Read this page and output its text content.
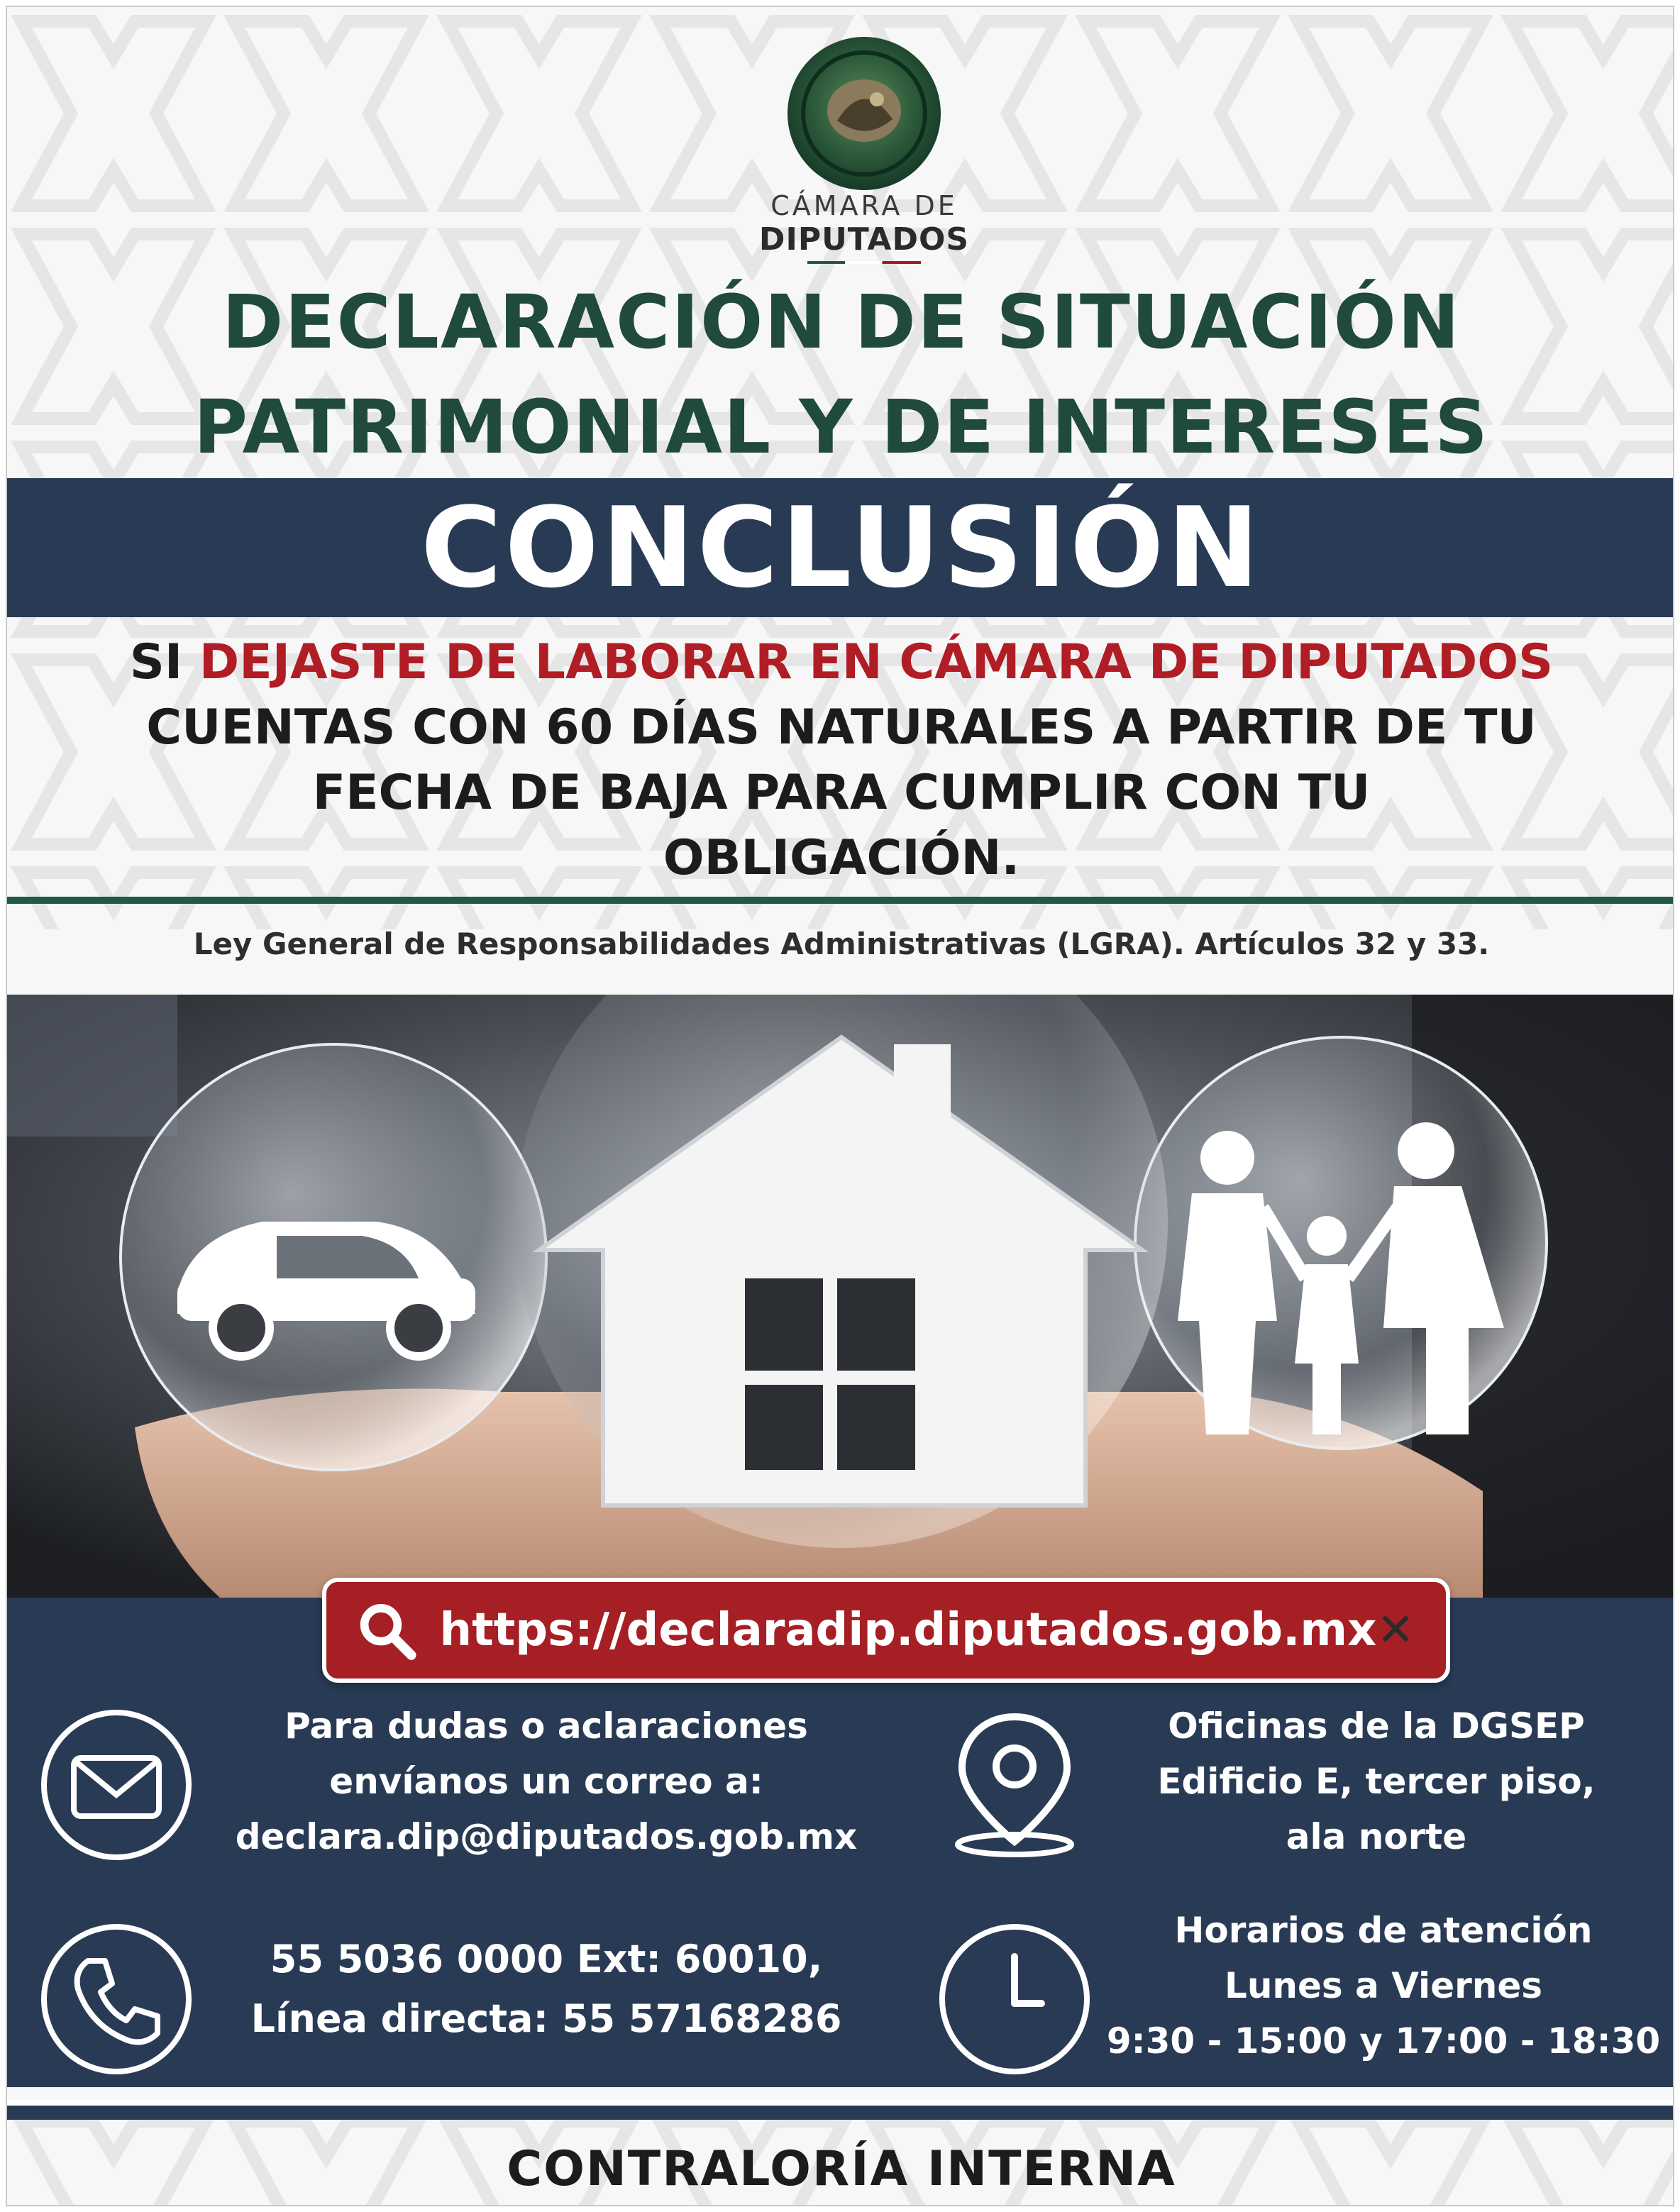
CÁMARA DE
DIPUTADOS
DECLARACIÓN DE SITUACIÓN
PATRIMONIAL Y DE INTERESES
CONCLUSIÓN
SI DEJASTE DE LABORAR EN CÁMARA DE DIPUTADOS
CUENTAS CON 60 DÍAS NATURALES A PARTIR DE TU
FECHA DE BAJA PARA CUMPLIR CON TU
OBLIGACIÓN.
Ley General de Responsabilidades Administrativas (LGRA). Artículos 32 y 33.
https://declaradip.diputados.gob.mx ✕
Para dudas o aclaraciones
envíanos un correo a:
declara.dip@diputados.gob.mx
Oficinas de la DGSEP
Edificio E, tercer piso,
ala norte
55 5036 0000 Ext: 60010,
Línea directa: 55 57168286
Horarios de atención
Lunes a Viernes
9:30 - 15:00 y 17:00 - 18:30
CONTRALORÍA INTERNA
